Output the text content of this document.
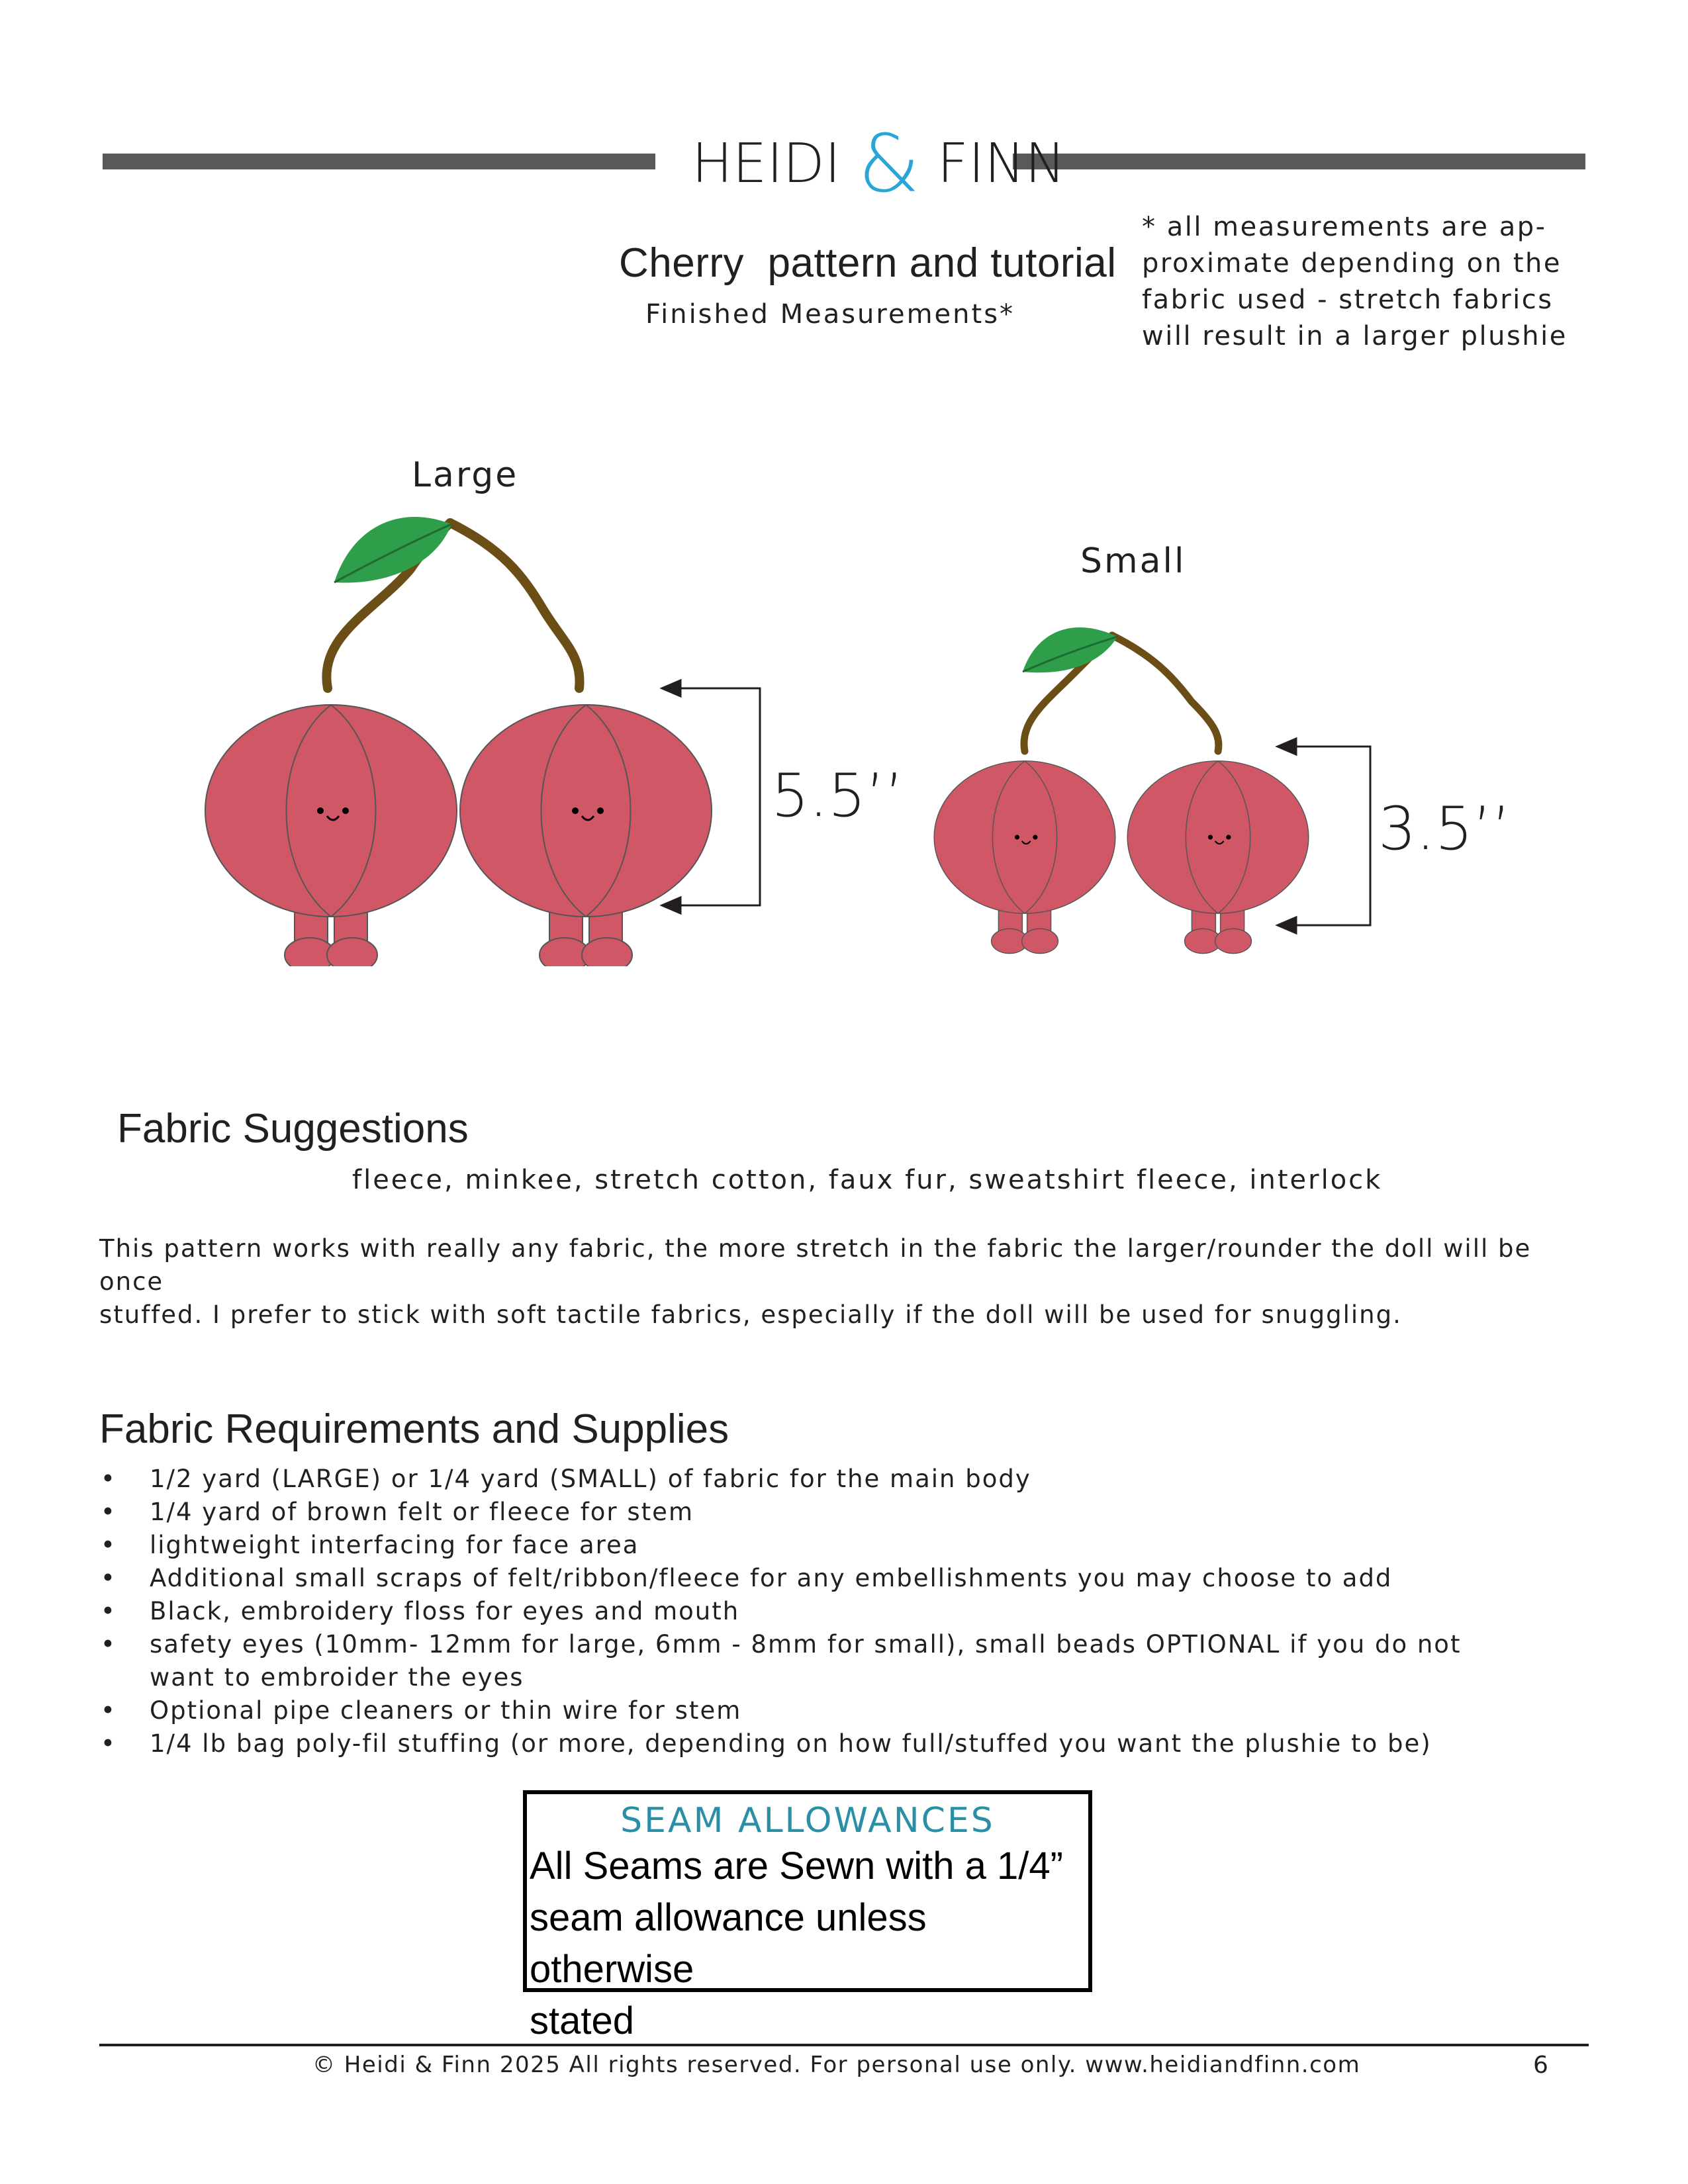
HEIDI & FINN
Cherry  pattern and tutorial
Finished Measurements*
* all measurements are ap-
proximate depending on the
fabric used - stretch fabrics
will result in a larger plushie
Large
Small
5.5’’	3.5’’
Fabric Suggestions
fleece, minkee, stretch cotton, faux fur, sweatshirt fleece, interlock
This pattern works with really any fabric, the more stretch in the fabric the larger/rounder the doll will be once
stuffed. I prefer to stick with soft tactile fabrics, especially if the doll will be used for snuggling.
Fabric Requirements and Supplies
• 1/2 yard (LARGE) or 1/4 yard (SMALL) of fabric for the main body
• 1/4 yard of brown felt or fleece for stem
• lightweight interfacing for face area
• Additional small scraps of felt/ribbon/fleece for any embellishments you may choose to add
• Black, embroidery floss for eyes and mouth
• safety eyes (10mm- 12mm for large, 6mm - 8mm for small), small beads OPTIONAL if you do not want to embroider the eyes
• Optional pipe cleaners or thin wire for stem
• 1/4 lb bag poly-fil stuffing (or more, depending on how full/stuffed you want the plushie to be)
SEAM ALLOWANCES
All Seams are Sewn with a 1/4”
seam allowance unless otherwise
stated
© Heidi & Finn 2025 All rights reserved. For personal use only. www.heidiandfinn.com	6
